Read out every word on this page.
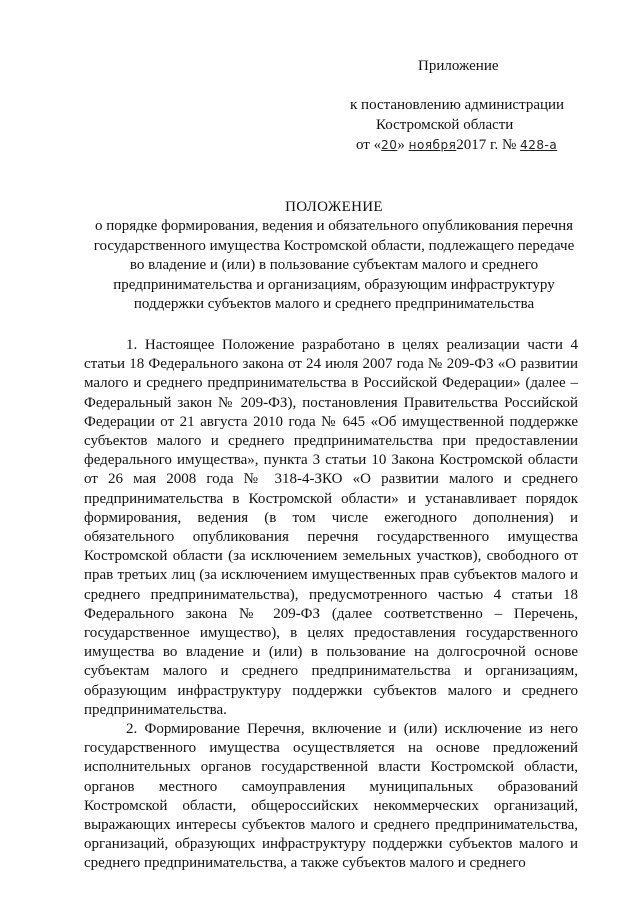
Приложение
к постановлению администрации
Костромской области
от «20» ноября2017 г. № 428-а
ПОЛОЖЕНИЕ
о порядке формирования, ведения и обязательного опубликования перечня государственного имущества Костромской области, подлежащего передаче во владение и (или) в пользование субъектам малого и среднего предпринимательства и организациям, образующим инфраструктуру поддержки субъектов малого и среднего предпринимательства

1. Настоящее Положение разработано в целях реализации части 4 статьи 18 Федерального закона от 24 июля 2007 года № 209-ФЗ «О развитии малого и среднего предпринимательства в Российской Федерации» (далее – Федеральный закон № 209-ФЗ), постановления Правительства Российской Федерации от 21 августа 2010 года № 645 «Об имущественной поддержке субъектов малого и среднего предпринимательства при предоставлении федерального имущества», пункта 3 статьи 10 Закона Костромской области от 26 мая 2008 года № 318-4-ЗКО «О развитии малого и среднего предпринимательства в Костромской области» и устанавливает порядок формирования, ведения (в том числе ежегодного дополнения) и обязательного опубликования перечня государственного имущества Костромской области (за исключением земельных участков), свободного от прав третьих лиц (за исключением имущественных прав субъектов малого и среднего предпринимательства), предусмотренного частью 4 статьи 18 Федерального закона № 209-ФЗ (далее соответственно – Перечень, государственное имущество), в целях предоставления государственного имущества во владение и (или) в пользование на долгосрочной основе субъектам малого и среднего предпринимательства и организациям, образующим инфраструктуру поддержки субъектов малого и среднего предпринимательства.

2. Формирование Перечня, включение и (или) исключение из него государственного имущества осуществляется на основе предложений исполнительных органов государственной власти Костромской области, органов местного самоуправления муниципальных образований Костромской области, общероссийских некоммерческих организаций, выражающих интересы субъектов малого и среднего предпринимательства, организаций, образующих инфраструктуру поддержки субъектов малого и среднего предпринимательства, а также субъектов малого и среднего
